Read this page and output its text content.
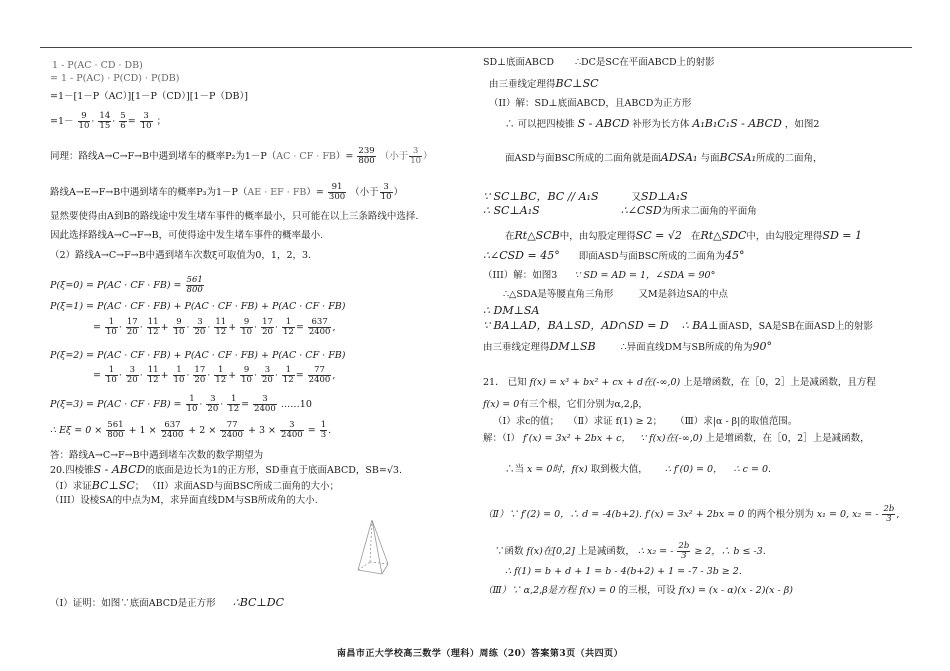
1 - P(AC · CD · DB)
= 1 - P(AC) · P(CD) · P(DB)
=1－[1－P（AC）][1－P（CD）][1－P（DB）]
$=1- \frac{9}{10} \cdot \frac{14}{15} \cdot \frac{5}{6} = \frac{3}{10}$ ；
同理：路线A→C→F→B中遇到堵车的概率P₂为1－P（AC · CF · $FB)= \frac{239}{800}$ （小于 $\frac{3}{10}$ ）
路线A→E→F→B中遇到堵车的概率P₃为1－P（AE · EF · $FB)= \frac{91}{300}$ （小于 $\frac{3}{10}$ ）
显然要使得由A到B的路线途中发生堵车事件的概率最小，只可能在以上三条路线中选择.
因此选择路线A→C→F→B，可使得途中发生堵车事件的概率最小.
（2）路线A→C→F→B中遇到堵车次数ξ可取值为0，1，2，3.
P(ξ=0) = P(AC · CF · $FB) = \frac{561}{800}$
P(ξ=1) = P(AC · CF · FB) + P(AC · CF · FB) + P(AC · CF · FB)
= $\frac{1}{10} \cdot \frac{17}{20} \cdot \frac{11}{12} + \frac{9}{10} \cdot \frac{3}{20} \cdot \frac{11}{12} + \frac{9}{10} \cdot \frac{17}{20} \cdot \frac{1}{12} = \frac{637}{2400}$ ,
P(ξ=2) = P(AC · CF · FB) + P(AC · CF · FB) + P(AC · CF · FB)
= $\frac{1}{10} \cdot \frac{3}{20} \cdot \frac{11}{12} + \frac{1}{10} \cdot \frac{17}{20} \cdot \frac{1}{12} + \frac{9}{10} \cdot \frac{3}{20} \cdot \frac{1}{12} = \frac{77}{2400}$ ,
P(ξ=3) = P(AC · CF · $FB) = \frac{1}{10} \cdot \frac{3}{20} \cdot \frac{1}{12} = \frac{3}{2400}$ ……10
∴ $E\xi = 0 \times \frac{561}{800} + 1 \times \frac{637}{2400} + 2 \times \frac{77}{2400} + 3 \times \frac{3}{2400} = \frac{1}{3}$ .
答：路线A→C→F→B中遇到堵车次数的数学期望为
20.四棱锥S - ABCD的底面是边长为1的正方形，SD垂直于底面ABCD，SB=√3.
（I）求证BC⊥SC； （II）求面ASD与面BSC所成二面角的大小；
（III）设棱SA的中点为M，求异面直线DM与SB所成角的大小.
（I）证明：如图∵底面ABCD是正方形 ∴BC⊥DC
SD⊥底面ABCD ∴DC是SC在平面ABCD上的射影
由三垂线定理得BC⊥SC
（II）解：SD⊥底面ABCD，且ABCD为正方形
∴ 可以把四棱锥 S - ABCD 补形为长方体 A₁B₁C₁S - ABCD ，如图2
面ASD与面BSC所成的二面角就是面ADSA₁ 与面BCSA₁所成的二面角，
∵ SC⊥BC，BC // A₁S	又SD⊥A₁S
∴ SC⊥A₁S	∴∠CSD为所求二面角的平面角
在Rt△SCB中，由勾股定理得SC = √2 在Rt△SDC中，由勾股定理得SD = 1
∴∠CSD = 45° 即面ASD与面BSC所成的二面角为45°
（III）解：如图3 ∵ SD = AD = 1，∠SDA = 90°
∴△SDA是等腰直角三角形	又M是斜边SA的中点
∴ DM⊥SA
∵ BA⊥AD，BA⊥SD，AD∩SD = D ∴ BA⊥面ASD，SA是SB在面ASD上的射影
由三垂线定理得DM⊥SB	∴异面直线DM与SB所成的角为90°
21． 已知 f(x) = x³ + bx² + cx + d在(-∞,0) 上是增函数，在［0，2］上是减函数，且方程
f(x) = 0有三个根，它们分别为α,2,β，
（Ⅰ）求c的值； （Ⅱ）求证 f(1) ≥ 2； （Ⅲ）求|α - β|的取值范围。
解：（Ⅰ） f′(x) = 3x² + 2bx + c， ∵ f(x)在(-∞,0) 上是增函数，在［0，2］上是减函数，
∴当 x = 0时，f(x) 取到极大值， ∴ f′(0) = 0， ∴ c = 0.
（Ⅱ）∵ f′(2) = 0，∴ d = -4(b+2). f′(x) = 3x² + 2bx = 0 的两个根分别为 x₁ = 0, x₂ = - $\frac{2b}{3}$ ,
∵函数 f(x)在[0,2] 上是减函数， ∴ x₂ = - $\frac{2b}{3} \ge 2$，∴ b ≤ -3.
∴ f(1) = b + d + 1 = b - 4(b+2) + 1 = -7 - 3b ≥ 2.
（Ⅲ）∵ α,2,β是方程 f(x) = 0 的三根，可设 f(x) = (x - α)(x - 2)(x - β)
南昌市正大学校高三数学（理科）周练（20）答案第3页（共四页）
